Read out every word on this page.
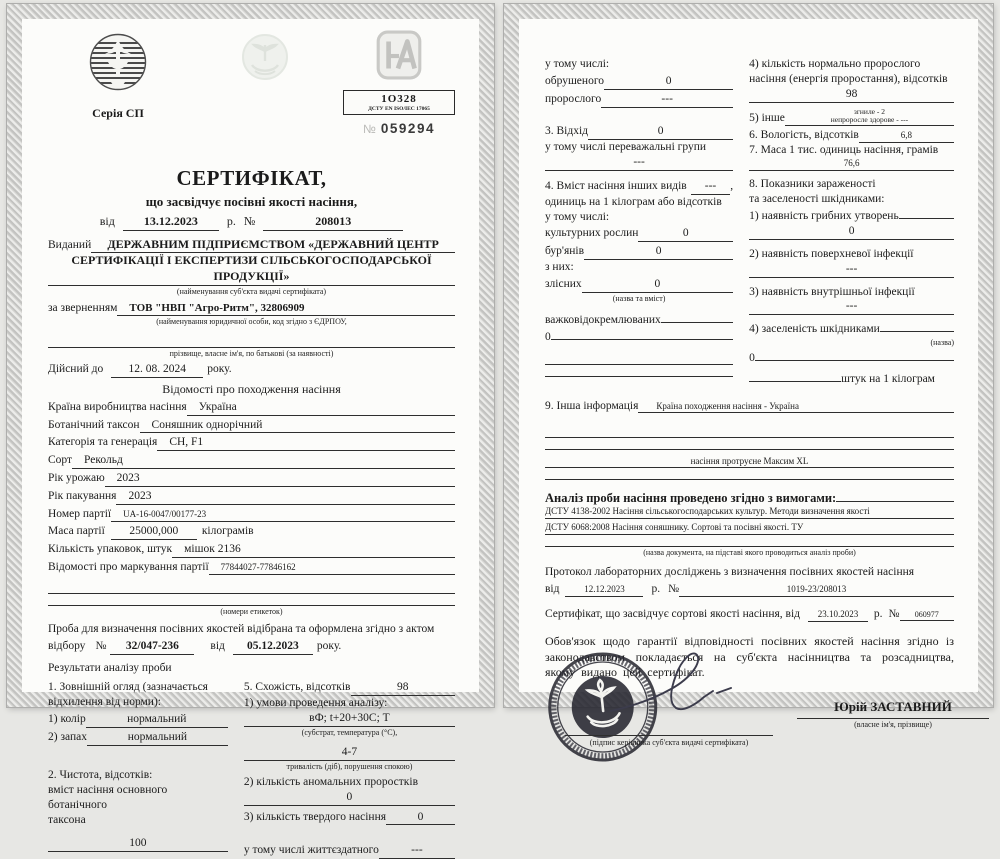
Серія СП
1О328
ДСТУ EN ISO/IEC 17065
№ 059294
СЕРТИФІКАТ,
що засвідчує посівні якості насіння,
від	13.12.2023	р. №	208013
Виданий	ДЕРЖАВНИМ ПІДПРИЄМСТВОМ «ДЕРЖАВНИЙ ЦЕНТР
СЕРТИФІКАЦІЇ І ЕКСПЕРТИЗИ СІЛЬСЬКОГОСПОДАРСЬКОЇ ПРОДУКЦІЇ»
(найменування суб'єкта видачі сертифіката)
за зверненням	ТОВ "НВП "Агро-Ритм", 32806909
(найменування юридичної особи, код згідно з ЄДРПОУ,
прізвище, власне ім'я, по батькові (за наявності)
Дійсний до	12. 08. 2024	року.

Відомості про походження насіння

Країна виробництва насіння	Україна
Ботанічний таксон	Соняшник однорічний
Категорія та генерація	СН, F1
Сорт	Рекольд
Рік урожаю	2023
Рік пакування	2023
Номер партії	UA-16-0047/00177-23
Маса партії	25000,000	кілограмів
Кількість упаковок, штук	мішок 2136
Відомості про маркування партії	77844027-77846162
(номери етикеток)

Проба для визначення посівних якостей відібрана та оформлена згідно з актом

відбору №	32/047-236	від	05.12.2023	року.

Результати аналізу проби

1. Зовнішній огляд (зазначається

відхилення від норми):

1) колір	нормальний
2) запах	нормальний

2. Чистота, відсотків:

вміст насіння основного ботанічного

таксона

100
5. Схожість, відсотків	98

1) умови проведення аналізу:

вФ; t+20+30С; Т
(субстрат, температура (°С),
4-7
тривалість (діб), порушення спокою)

2) кількість аномальних проростків

0
3) кількість твердого насіння	0
у тому числі життєздатного	---

у тому числі:

обрушеного	0
пророслого	---
3. Відхід	0

у тому числі переважальні групи

---
4. Вміст насіння інших видів	---	,

одиниць на 1 кілограм або відсотків

у тому числі:

культурних рослин	0
бур'янів	0

з них:

злісних	0
(назва та вміст)
важковідокремлюваних
0

4) кількість нормально пророслого

насіння (енергія проростання), відсотків

98
5) інше
згниле - 2
непроросле здорове - ---
6. Вологість, відсотків	6,8

7. Маса 1 тис. одиниць насіння, грамів

76,6

8. Показники зараженості

та заселеності шкідниками:

1) наявність грибних утворень
0

2) наявність поверхневої інфекції

---

3) наявність внутрішньої інфекції

---
4) заселеність шкідниками
(назва)
0
штук на 1 кілограм
9. Інша інформація	Країна походження насіння - Україна
насіння протруєне Максим XL
Аналіз проби насіння проведено згідно з вимогами:
ДСТУ 4138-2002 Насіння сільськогосподарських культур. Методи визначення якості
ДСТУ 6068:2008 Насіння соняшнику. Сортові та посівні якості. ТУ
(назва документа, на підставі якого проводиться аналіз проби)

Протокол лабораторних досліджень з визначення посівних якостей насіння

від	12.12.2023	р. №	1019-23/208013
Сертифікат, що засвідчує сортові якості насіння, від	23.10.2023	р. №	060977

Обов'язок щодо гарантії відповідності посівних якостей насіння згідно із законодавством покладається на суб'єкта насінництва та розсадництва, якому видано цей сертифікат.

(підпис керівника суб'єкта видачі сертифіката)
Юрій ЗАСТАВНИЙ
(власне ім'я, прізвище)
